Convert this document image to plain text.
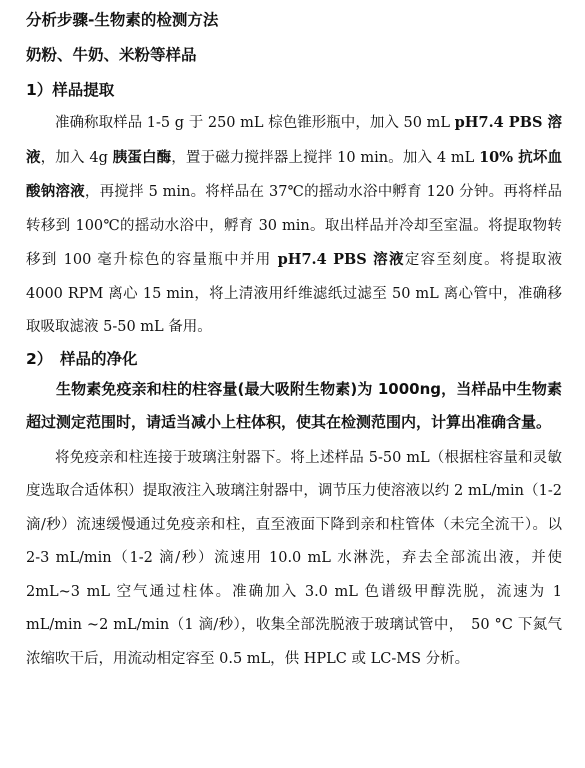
分析步骤-生物素的检测方法
奶粉、牛奶、米粉等样品
1）样品提取

准确称取样品 1-5 g 于 250 mL 棕色锥形瓶中，加入 50 mL pH7.4 PBS 溶液，加入 4g 胰蛋白酶，置于磁力搅拌器上搅拌 10 min。加入 4 mL 10% 抗坏血酸钠溶液，再搅拌 5 min。将样品在 37℃的摇动水浴中孵育 120 分钟。再将样品转移到 100℃的摇动水浴中，孵育 30 min。取出样品并冷却至室温。将提取物转移到 100 毫升棕色的容量瓶中并用 pH7.4 PBS 溶液定容至刻度。将提取液 4000 RPM 离心 15 min，将上清液用纤维滤纸过滤至 50 mL 离心管中，准确移取吸取滤液 5-50 mL 备用。

2）　样品的净化

生物素免疫亲和柱的柱容量(最大吸附生物素)为 1000ng，当样品中生物素超过测定范围时，请适当减小上柱体积，使其在检测范围内，计算出准确含量。

将免疫亲和柱连接于玻璃注射器下。将上述样品 5-50 mL（根据柱容量和灵敏度选取合适体积）提取液注入玻璃注射器中，调节压力使溶液以约 2 mL/min（1-2 滴/秒）流速缓慢通过免疫亲和柱，直至液面下降到亲和柱管体（未完全流干）。以 2-3 mL/min（1-2 滴/秒）流速用 10.0 mL 水淋洗，弃去全部流出液，并使 2mL~3 mL 空气通过柱体。准确加入 3.0 mL 色谱级甲醇洗脱，流速为 1 mL/min ~2 mL/min（1 滴/秒），收集全部洗脱液于玻璃试管中，　50 °C 下氮气浓缩吹干后，用流动相定容至 0.5 mL，供 HPLC 或 LC-MS 分析。
